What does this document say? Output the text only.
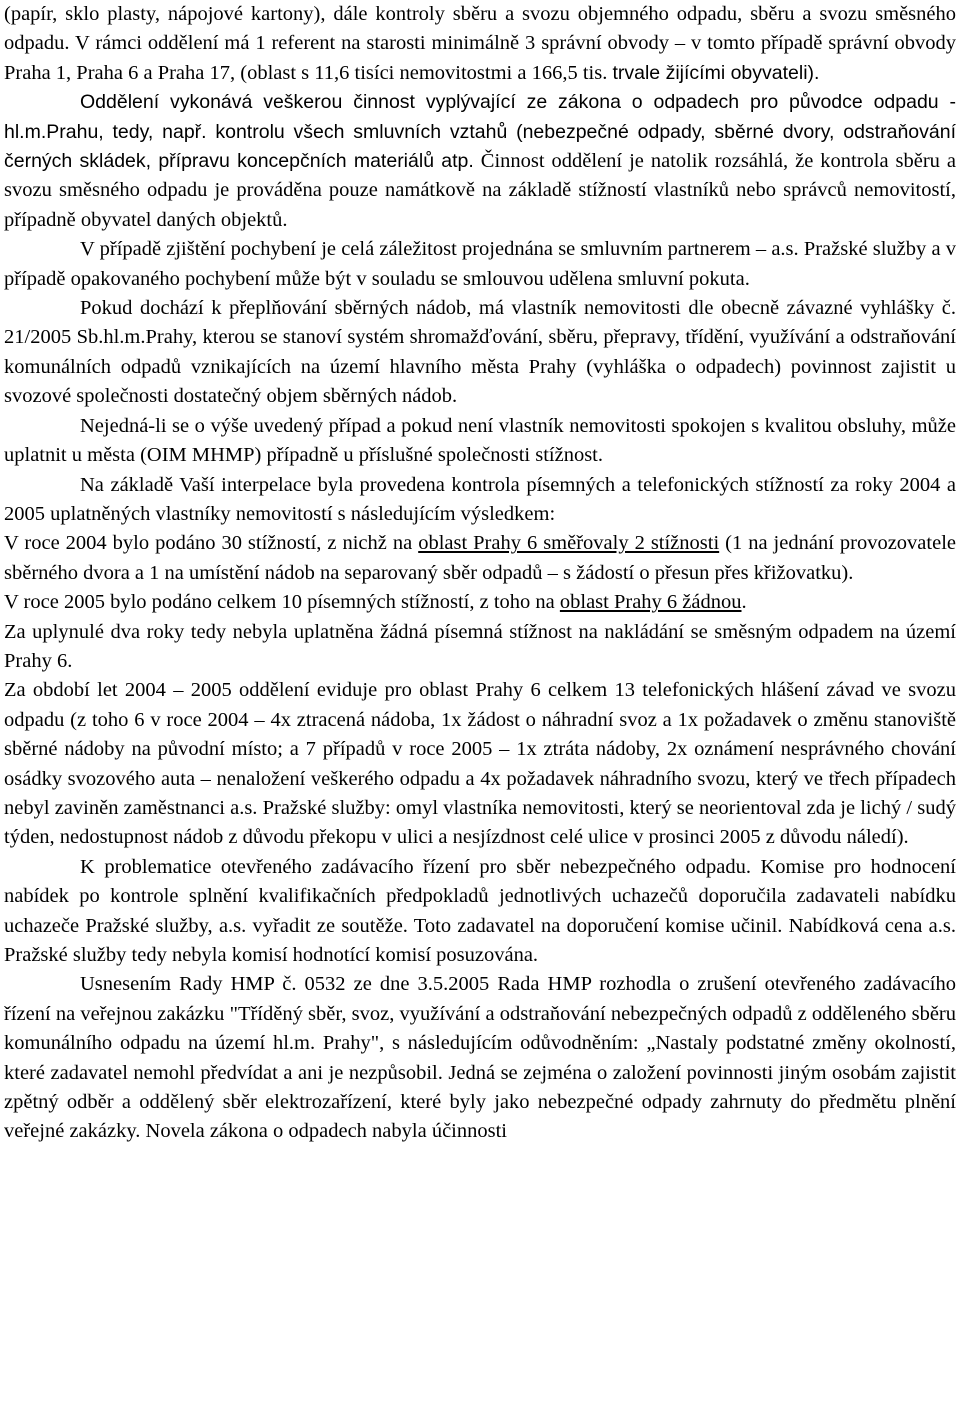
(papír, sklo plasty, nápojové kartony), dále kontroly sběru a svozu objemného odpadu, sběru a svozu směsného odpadu. V rámci oddělení má 1 referent na starosti minimálně 3 správní obvody – v tomto případě správní obvody Praha 1, Praha 6 a Praha 17, (oblast s 11,6 tisíci nemovitostmi a 166,5 tis. trvale žijícími obyvateli).

Oddělení vykonává veškerou činnost vyplývající ze zákona o odpadech pro původce odpadu - hl.m.Prahu, tedy, např. kontrolu všech smluvních vztahů (nebezpečné odpady, sběrné dvory, odstraňování černých skládek, přípravu koncepčních materiálů atp. Činnost oddělení je natolik rozsáhlá, že kontrola sběru a svozu směsného odpadu je prováděna pouze namátkově na základě stížností vlastníků nebo správců nemovitostí, případně obyvatel daných objektů.

V případě zjištění pochybení je celá záležitost projednána se smluvním partnerem – a.s. Pražské služby a v případě opakovaného pochybení může být v souladu se smlouvou udělena smluvní pokuta.

Pokud dochází k přeplňování sběrných nádob, má vlastník nemovitosti dle obecně závazné vyhlášky č. 21/2005 Sb.hl.m.Prahy, kterou se stanoví systém shromažďování, sběru, přepravy, třídění, využívání a odstraňování komunálních odpadů vznikajících na území hlavního města Prahy (vyhláška o odpadech) povinnost zajistit u svozové společnosti dostatečný objem sběrných nádob.

Nejedná-li se o výše uvedený případ a pokud není vlastník nemovitosti spokojen s kvalitou obsluhy, může uplatnit u města (OIM MHMP) případně u příslušné společnosti stížnost.

Na základě Vaší interpelace byla provedena kontrola písemných a telefonických stížností za roky 2004 a 2005 uplatněných vlastníky nemovitostí s následujícím výsledkem:

V roce 2004 bylo podáno 30 stížností, z nichž na oblast Prahy 6 směřovaly 2 stížnosti (1 na jednání provozovatele sběrného dvora a 1 na umístění nádob na separovaný sběr odpadů – s žádostí o přesun přes křižovatku).

V roce 2005 bylo podáno celkem 10 písemných stížností, z toho na oblast Prahy 6 žádnou.

Za uplynulé dva roky tedy nebyla uplatněna žádná písemná stížnost na nakládání se směsným odpadem na území Prahy 6.

Za období let 2004 – 2005 oddělení eviduje pro oblast Prahy 6 celkem 13 telefonických hlášení závad ve svozu odpadu (z toho 6 v roce 2004 – 4x ztracená nádoba, 1x žádost o náhradní svoz a 1x požadavek o změnu stanoviště sběrné nádoby na původní místo; a 7 případů v roce 2005 – 1x ztráta nádoby, 2x oznámení nesprávného chování osádky svozového auta – nenaložení veškerého odpadu a 4x požadavek náhradního svozu, který ve třech případech nebyl zaviněn zaměstnanci a.s. Pražské služby: omyl vlastníka nemovitosti, který se neorientoval zda je lichý / sudý týden, nedostupnost nádob z důvodu překopu v ulici a nesjízdnost celé ulice v prosinci 2005 z důvodu náledí).

K problematice otevřeného zadávacího řízení pro sběr nebezpečného odpadu. Komise pro hodnocení nabídek po kontrole splnění kvalifikačních předpokladů jednotlivých uchazečů doporučila zadavateli nabídku uchazeče Pražské služby, a.s. vyřadit ze soutěže. Toto zadavatel na doporučení komise učinil. Nabídková cena a.s. Pražské služby tedy nebyla komisí hodnotící komisí posuzována.

Usnesením Rady HMP č. 0532 ze dne 3.5.2005 Rada HMP rozhodla o zrušení otevřeného zadávacího řízení na veřejnou zakázku "Tříděný sběr, svoz, využívání a odstraňování nebezpečných odpadů z odděleného sběru komunálního odpadu na území hl.m. Prahy", s následujícím odůvodněním: „Nastaly podstatné změny okolností, které zadavatel nemohl předvídat a ani je nezpůsobil. Jedná se zejména o založení povinnosti jiným osobám zajistit zpětný odběr a oddělený sběr elektrozařízení, které byly jako nebezpečné odpady zahrnuty do předmětu plnění veřejné zakázky. Novela zákona o odpadech nabyla účinnosti
